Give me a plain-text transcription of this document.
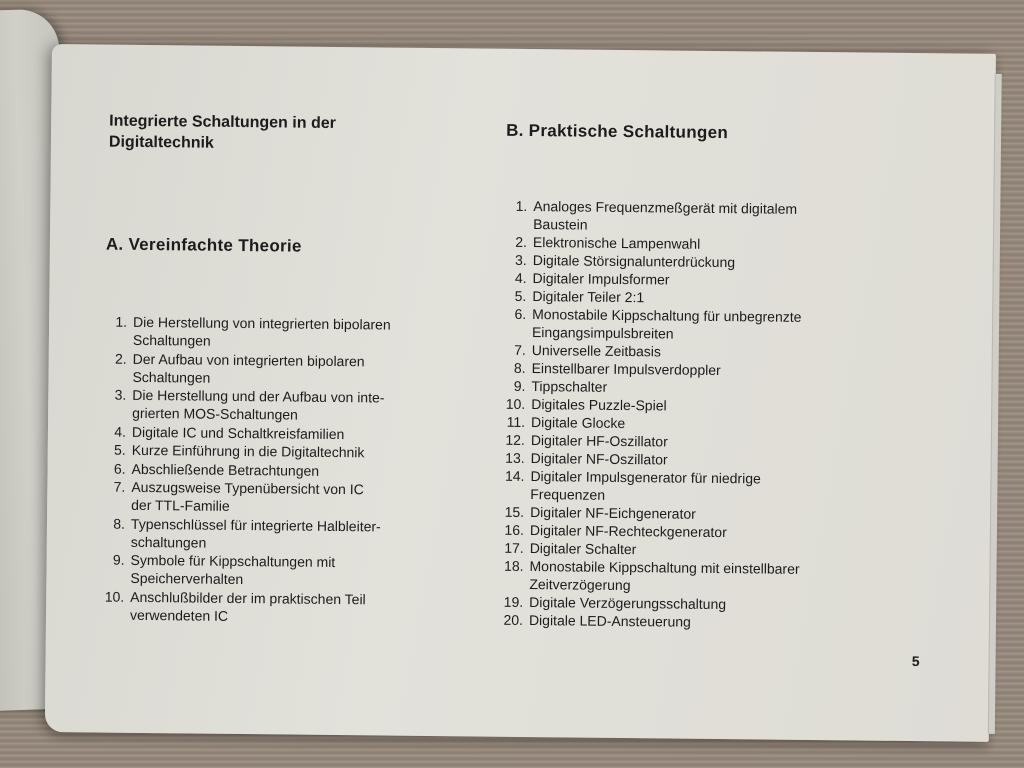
Integrierte Schaltungen in der
Digitaltechnik
A. Vereinfachte Theorie
1. Die Herstellung von integrierten bipolaren
Schaltungen
2. Der Aufbau von integrierten bipolaren
Schaltungen
3. Die Herstellung und der Aufbau von inte-
grierten MOS-Schaltungen
4. Digitale IC und Schaltkreisfamilien
5. Kurze Einführung in die Digitaltechnik
6. Abschließende Betrachtungen
7. Auszugsweise Typenübersicht von IC
der TTL-Familie
8. Typenschlüssel für integrierte Halbleiter-
schaltungen
9. Symbole für Kippschaltungen mit
Speicherverhalten
10. Anschlußbilder der im praktischen Teil
verwendeten IC
B. Praktische Schaltungen
1. Analoges Frequenzmeßgerät mit digitalem
Baustein
2. Elektronische Lampenwahl
3. Digitale Störsignalunterdrückung
4. Digitaler Impulsformer
5. Digitaler Teiler 2:1
6. Monostabile Kippschaltung für unbegrenzte
Eingangsimpulsbreiten
7. Universelle Zeitbasis
8. Einstellbarer Impulsverdoppler
9. Tippschalter
10. Digitales Puzzle-Spiel
11. Digitale Glocke
12. Digitaler HF-Oszillator
13. Digitaler NF-Oszillator
14. Digitaler Impulsgenerator für niedrige
Frequenzen
15. Digitaler NF-Eichgenerator
16. Digitaler NF-Rechteckgenerator
17. Digitaler Schalter
18. Monostabile Kippschaltung mit einstellbarer
Zeitverzögerung
19. Digitale Verzögerungsschaltung
20. Digitale LED-Ansteuerung
5
